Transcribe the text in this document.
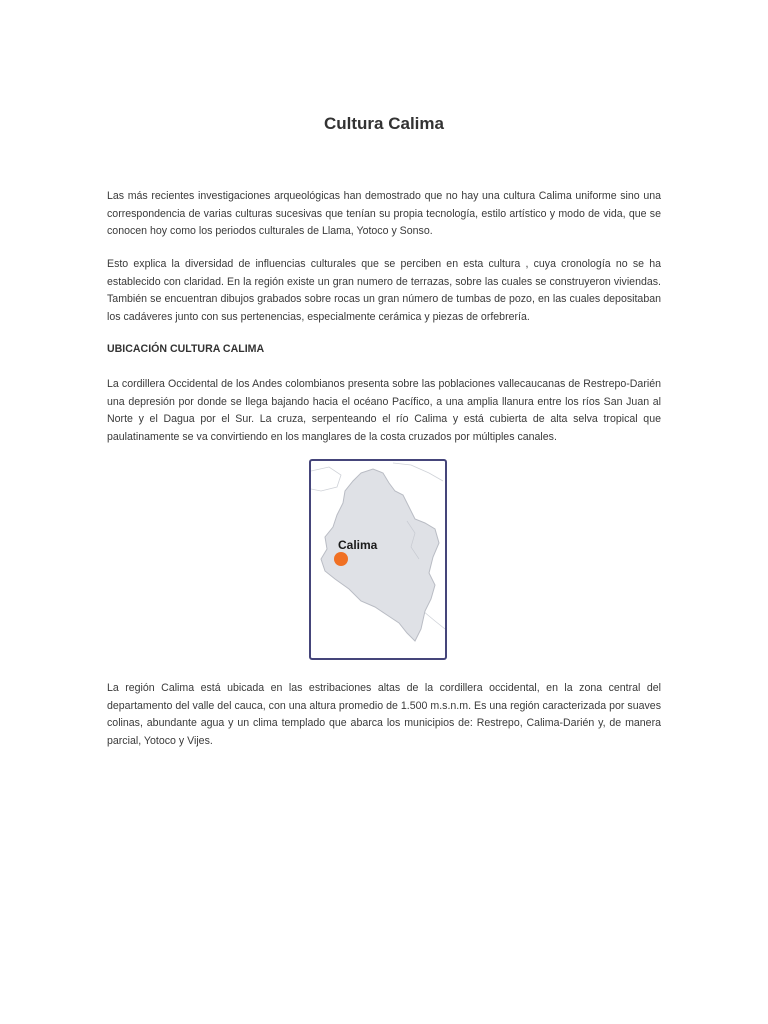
Cultura Calima

Las más recientes investigaciones arqueológicas han demostrado que no hay una cultura Calima uniforme sino una correspondencia de varias culturas sucesivas que tenían su propia tecnología, estilo artístico y modo de vida, que se conocen hoy como los periodos culturales de Llama, Yotoco y Sonso.

Esto explica la diversidad de influencias culturales que se perciben en esta cultura , cuya cronología no se ha establecido con claridad. En la región existe un gran numero de terrazas, sobre las cuales se construyeron viviendas. También se encuentran dibujos grabados sobre rocas un gran número de tumbas de pozo, en las cuales depositaban los cadáveres junto con sus pertenencias, especialmente cerámica y piezas de orfebrería.

UBICACIÓN CULTURA CALIMA

La cordillera Occidental de los Andes colombianos presenta sobre las poblaciones vallecaucanas de Restrepo-Darién una depresión por donde se llega bajando hacia el océano Pacífico, a una amplia llanura entre los ríos San Juan al Norte y el Dagua por el Sur. La cruza, serpenteando el río Calima y está cubierta de alta selva tropical que paulatinamente se va convirtiendo en los manglares de la costa cruzados por múltiples canales.

Calima

La región Calima está ubicada en las estribaciones altas de la cordillera occidental, en la zona central del departamento del valle del cauca, con una altura promedio de 1.500 m.s.n.m. Es una región caracterizada por suaves colinas, abundante agua y un clima templado que abarca los municipios de: Restrepo, Calima-Darién y, de manera parcial, Yotoco y Vijes.
